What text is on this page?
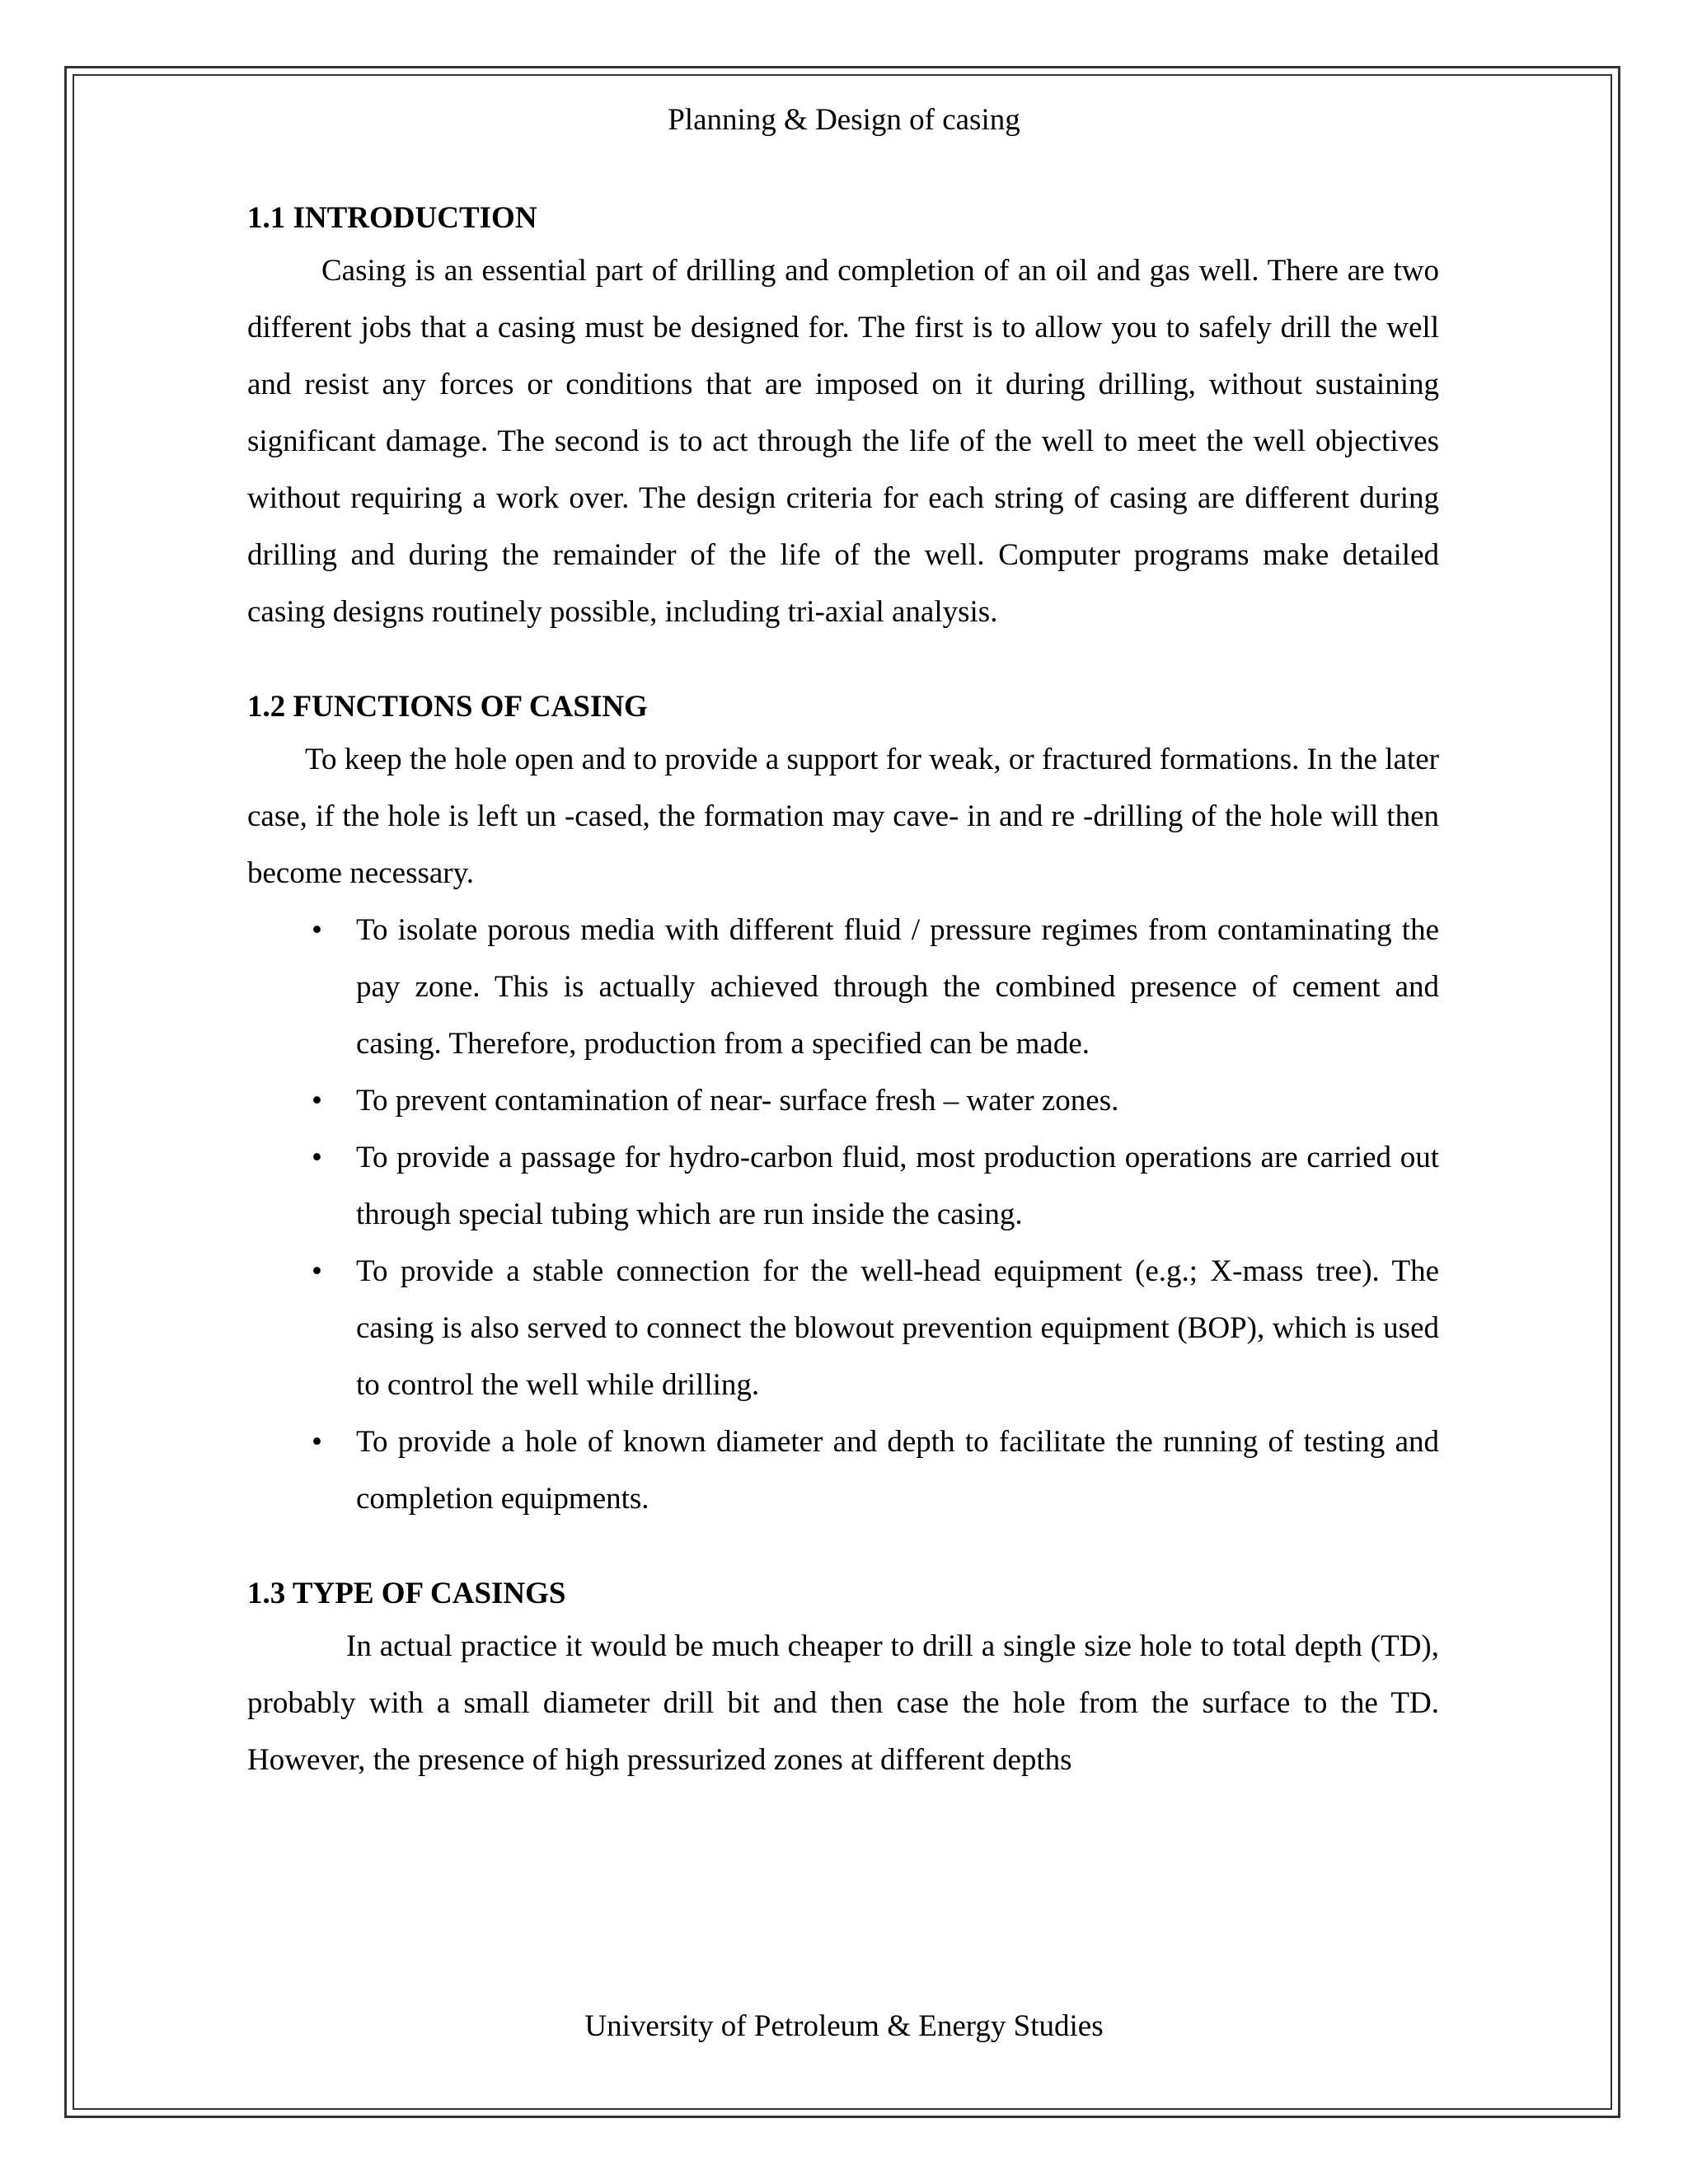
Planning & Design of casing

1.1 INTRODUCTION

Casing is an essential part of drilling and completion of an oil and gas well. There are two different jobs that a casing must be designed for. The first is to allow you to safely drill the well and resist any forces or conditions that are imposed on it during drilling, without sustaining significant damage. The second is to act through the life of the well to meet the well objectives without requiring a work over. The design criteria for each string of casing are different during drilling and during the remainder of the life of the well. Computer programs make detailed casing designs routinely possible, including tri-axial analysis.

1.2 FUNCTIONS OF CASING

To keep the hole open and to provide a support for weak, or fractured formations. In the later case, if the hole is left un -cased, the formation may cave- in and re -drilling of the hole will then become necessary.

• To isolate porous media with different fluid / pressure regimes from contaminating the pay zone. This is actually achieved through the combined presence of cement and casing. Therefore, production from a specified can be made.
• To prevent contamination of near- surface fresh – water zones.
• To provide a passage for hydro-carbon fluid, most production operations are carried out through special tubing which are run inside the casing.
• To provide a stable connection for the well-head equipment (e.g.; X-mass tree). The casing is also served to connect the blowout prevention equipment (BOP), which is used to control the well while drilling.
• To provide a hole of known diameter and depth to facilitate the running of testing and completion equipments.

1.3 TYPE OF CASINGS

In actual practice it would be much cheaper to drill a single size hole to total depth (TD), probably with a small diameter drill bit and then case the hole from the surface to the TD. However, the presence of high pressurized zones at different depths

University of Petroleum & Energy Studies
